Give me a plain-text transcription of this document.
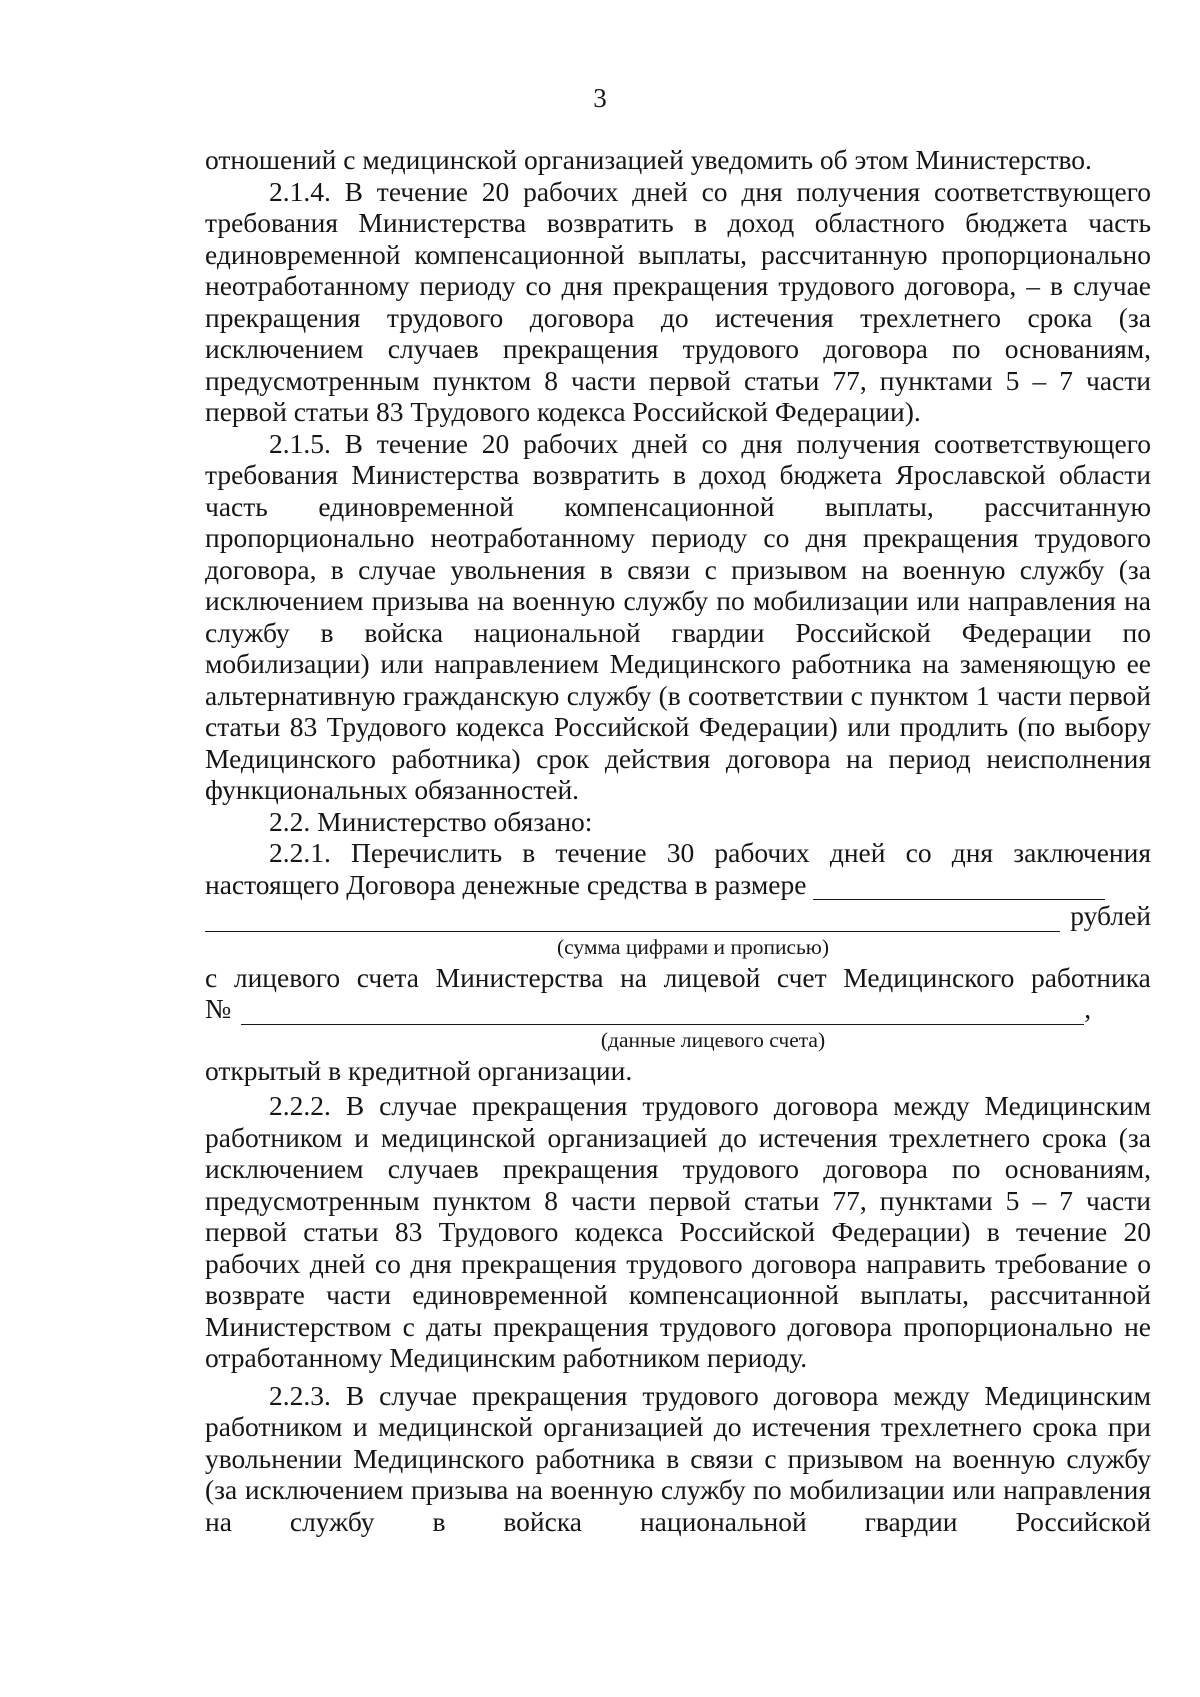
3

отношений с медицинской организацией уведомить об этом Министерство.

2.1.4. В течение 20 рабочих дней со дня получения соответствующего требования Министерства возвратить в доход областного бюджета часть единовременной компенсационной выплаты, рассчитанную пропорционально неотработанному периоду со дня прекращения трудового договора, – в случае прекращения трудового договора до истечения трехлетнего срока (за исключением случаев прекращения трудового договора по основаниям, предусмотренным пунктом 8 части первой статьи 77, пунктами 5 – 7 части первой статьи 83 Трудового кодекса Российской Федерации).

2.1.5. В течение 20 рабочих дней со дня получения соответствующего требования Министерства возвратить в доход бюджета Ярославской области часть единовременной компенсационной выплаты, рассчитанную пропорционально неотработанному периоду со дня прекращения трудового договора, в случае увольнения в связи с призывом на военную службу (за исключением призыва на военную службу по мобилизации или направления на службу в войска национальной гвардии Российской Федерации по мобилизации) или направлением Медицинского работника на заменяющую ее альтернативную гражданскую службу (в соответствии с пунктом 1 части первой статьи 83 Трудового кодекса Российской Федерации) или продлить (по выбору Медицинского работника) срок действия договора на период неисполнения функциональных обязанностей.

2.2. Министерство обязано:

2.2.1. Перечислить в течение 30 рабочих дней со дня заключения настоящего Договора денежные средства в размере

рублей
(сумма цифрами и прописью)
с лицевого счета Министерства на лицевой счет Медицинского работника
№	,
(данные лицевого счета)

открытый в кредитной организации.

2.2.2. В случае прекращения трудового договора между Медицинским работником и медицинской организацией до истечения трехлетнего срока (за исключением случаев прекращения трудового договора по основаниям, предусмотренным пунктом 8 части первой статьи 77, пунктами 5 – 7 части первой статьи 83 Трудового кодекса Российской Федерации) в течение 20 рабочих дней со дня прекращения трудового договора направить требование о возврате части единовременной компенсационной выплаты, рассчитанной Министерством с даты прекращения трудового договора пропорционально не отработанному Медицинским работником периоду.

2.2.3. В случае прекращения трудового договора между Медицинским работником и медицинской организацией до истечения трехлетнего срока при увольнении Медицинского работника в связи с призывом на военную службу (за исключением призыва на военную службу по мобилизации или направления на службу в войска национальной гвардии Российской
